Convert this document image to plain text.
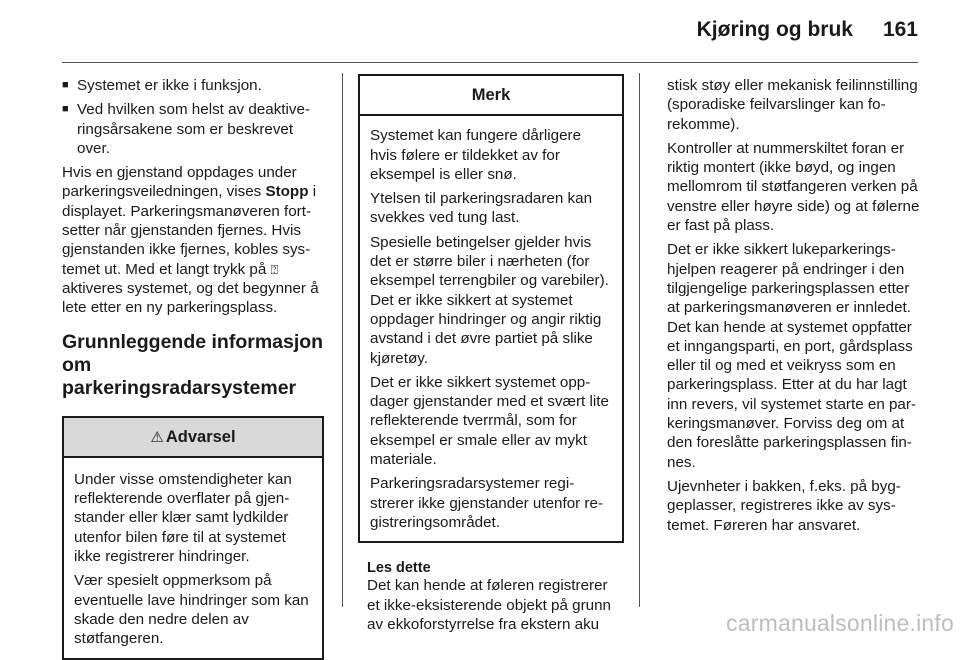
Kjøring og bruk 161
■ Systemet er ikke i funksjon.
■ Ved hvilken som helst av deaktiveringsårsakene som er beskrevet over.

Hvis en gjenstand oppdages under parkeringsveiledningen, vises Stopp i displayet. Parkeringsmanøveren fortsetter når gjenstanden fjernes. Hvis gjenstanden ikke fjernes, kobles systemet ut. Med et langt trykk på ⍰ aktiveres systemet, og det begynner å lete etter en ny parkeringsplass.

Grunnleggende informasjon om parkeringsradarsystemer
⚠ Advarsel

Under visse omstendigheter kan reflekterende overflater på gjenstander eller klær samt lydkilder utenfor bilen føre til at systemet ikke registrerer hindringer.

Vær spesielt oppmerksom på eventuelle lave hindringer som kan skade den nedre delen av støtfangeren.

Merk

Systemet kan fungere dårligere hvis følere er tildekket av for eksempel is eller snø.

Ytelsen til parkeringsradaren kan svekkes ved tung last.

Spesielle betingelser gjelder hvis det er større biler i nærheten (for eksempel terrengbiler og varebiler). Det er ikke sikkert at systemet oppdager hindringer og angir riktig avstand i det øvre partiet på slike kjøretøy.

Det er ikke sikkert systemet oppdager gjenstander med et svært lite reflekterende tverrmål, som for eksempel er smale eller av mykt materiale.

Parkeringsradarsystemer registrerer ikke gjenstander utenfor registreringsområdet.

Les dette

Det kan hende at føleren registrerer et ikke-eksisterende objekt på grunn av ekkoforstyrrelse fra ekstern aku

stisk støy eller mekanisk feilinnstilling (sporadiske feilvarslinger kan forekomme).

Kontroller at nummerskiltet foran er riktig montert (ikke bøyd, og ingen mellomrom til støtfangeren verken på venstre eller høyre side) og at følerne er fast på plass.

Det er ikke sikkert lukeparkeringshjelpen reagerer på endringer i den tilgjengelige parkeringsplassen etter at parkeringsmanøveren er innledet. Det kan hende at systemet oppfatter et inngangsparti, en port, gårdsplass eller til og med et veikryss som en parkeringsplass. Etter at du har lagt inn revers, vil systemet starte en parkeringsmanøver. Forviss deg om at den foreslåtte parkeringsplassen finnes.

Ujevnheter i bakken, f.eks. på byggeplasser, registreres ikke av systemet. Føreren har ansvaret.

carmanualsonline.info
